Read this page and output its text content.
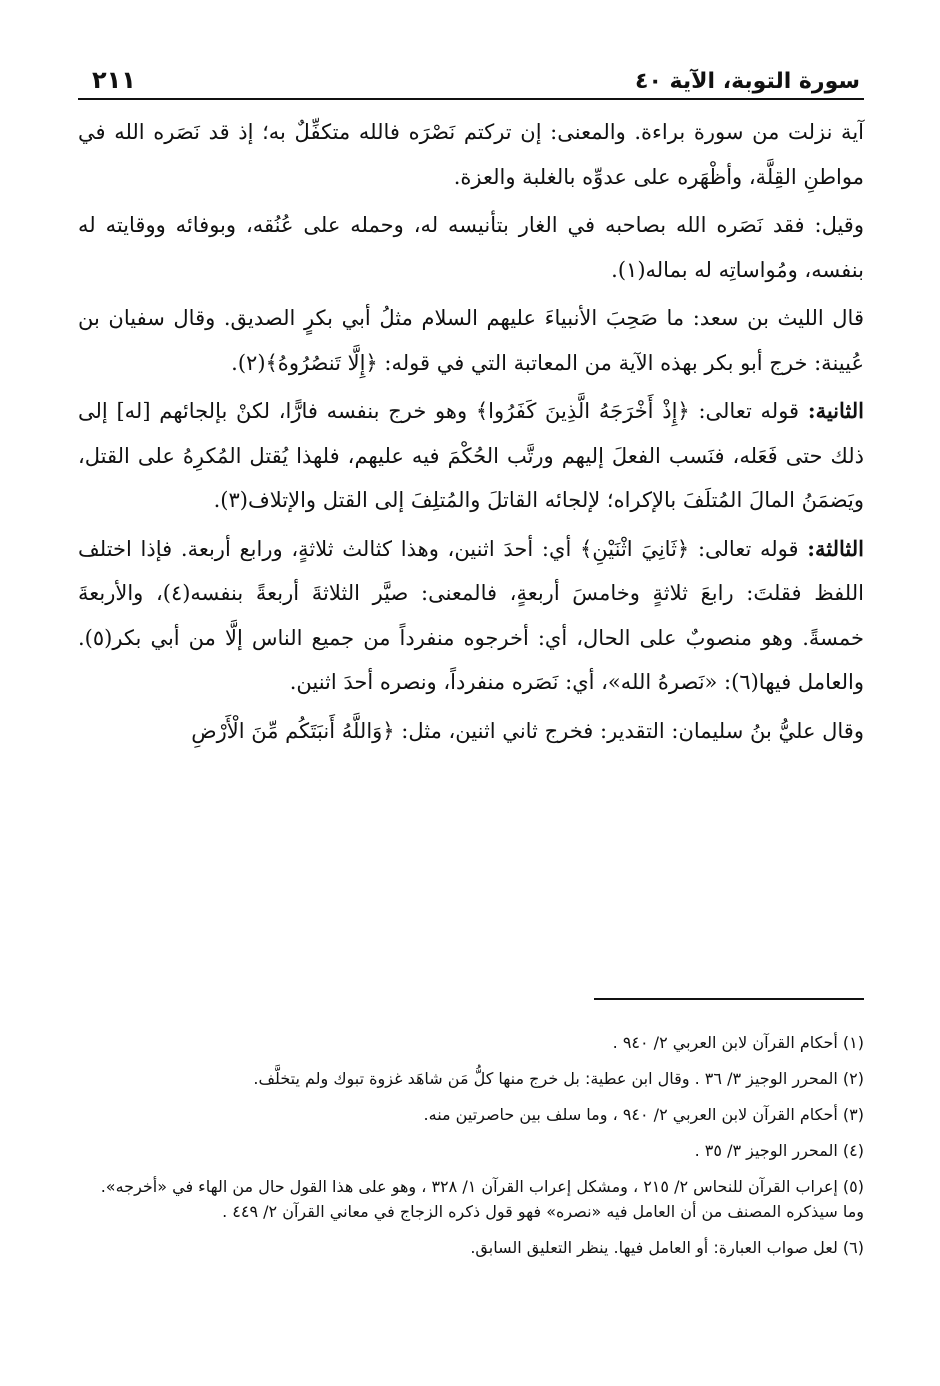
سورة التوبة، الآية ٤٠
٢١١

آية نزلت من سورة براءة. والمعنى: إن تركتم نَصْرَه فالله متكفِّلٌ به؛ إذ قد نَصَره الله في مواطنِ القِلَّة، وأظْهَره على عدوِّه بالغلبة والعزة.

وقيل: فقد نَصَره الله بصاحبه في الغار بتأنيسه له، وحمله على عُنُقه، وبوفائه ووقايته له بنفسه، ومُواساتِه له بماله(١).

قال الليث بن سعد: ما صَحِبَ الأنبياءَ عليهم السلام مثلُ أبي بكرٍ الصديق. وقال سفيان بن عُيينة: خرج أبو بكر بهذه الآية من المعاتبة التي في قوله: ﴿إِلَّا تَنصُرُوهُ﴾(٢).

الثانية: قوله تعالى: ﴿إِذْ أَخْرَجَهُ الَّذِينَ كَفَرُوا﴾ وهو خرج بنفسه فارًّا، لكنْ بإلجائهم [له] إلى ذلك حتى فَعَله، فنَسب الفعلَ إليهم ورتَّب الحُكْمَ فيه عليهم، فلهذا يُقتل المُكرِهُ على القتل، ويَضمَنُ المالَ المُتلَفَ بالإكراه؛ لإلجائه القاتلَ والمُتلِفَ إلى القتل والإتلاف(٣).

الثالثة: قوله تعالى: ﴿ثَانِيَ اثْنَيْنِ﴾ أي: أحدَ اثنين، وهذا كثالث ثلاثةٍ، ورابع أربعة. فإذا اختلف اللفظ فقلتَ: رابعَ ثلاثةٍ وخامسَ أربعةٍ، فالمعنى: صيَّر الثلاثةَ أربعةً بنفسه(٤)، والأربعةَ خمسةً. وهو منصوبٌ على الحال، أي: أخرجوه منفرداً من جميع الناس إلَّا من أبي بكر(٥). والعامل فيها(٦): «نَصرهُ الله»، أي: نَصَره منفرداً، ونصره أحدَ اثنين.

وقال عليُّ بنُ سليمان: التقدير: فخرج ثاني اثنين، مثل: ﴿وَاللَّهُ أَنبَتَكُم مِّنَ الْأَرْضِ

(١) أحكام القرآن لابن العربي ٢/ ٩٤٠ .

(٢) المحرر الوجيز ٣/ ٣٦ . وقال ابن عطية: بل خرج منها كلُّ مَن شاهَد غزوة تبوك ولم يتخلَّف.

(٣) أحكام القرآن لابن العربي ٢/ ٩٤٠ ، وما سلف بين حاصرتين منه.

(٤) المحرر الوجيز ٣/ ٣٥ .

(٥) إعراب القرآن للنحاس ٢/ ٢١٥ ، ومشكل إعراب القرآن ١/ ٣٢٨ ، وهو على هذا القول حال من الهاء في «أخرجه». وما سيذكره المصنف من أن العامل فيه «نصره» فهو قول ذكره الزجاج في معاني القرآن ٢/ ٤٤٩ .

(٦) لعل صواب العبارة: أو العامل فيها. ينظر التعليق السابق.
